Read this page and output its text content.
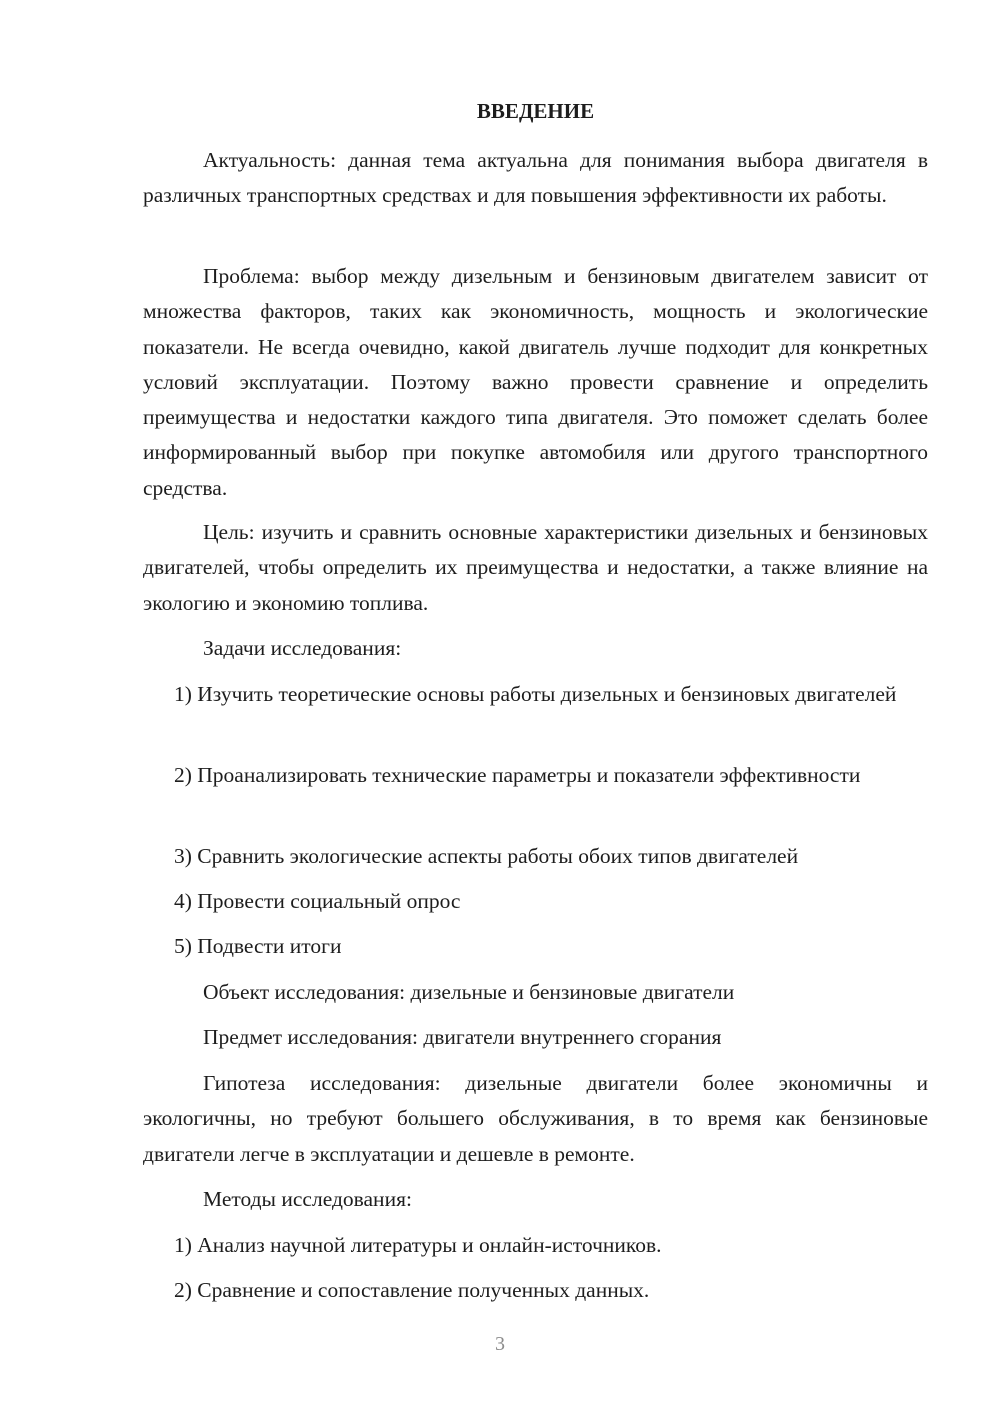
ВВЕДЕНИЕ

Актуальность: данная тема актуальна для понимания выбора двигателя в различных транспортных средствах и для повышения эффективности их работы.

Проблема: выбор между дизельным и бензиновым двигателем зависит от множества факторов, таких как экономичность, мощность и экологические показатели. Не всегда очевидно, какой двигатель лучше подходит для конкретных условий эксплуатации. Поэтому важно провести сравнение и определить преимущества и недостатки каждого типа двигателя. Это поможет сделать более информированный выбор при покупке автомобиля или другого транспортного средства.

Цель: изучить и сравнить основные характеристики дизельных и бензиновых двигателей, чтобы определить их преимущества и недостатки, а также влияние на экологию и экономию топлива.

Задачи исследования:

1) Изучить теоретические основы работы дизельных и бензиновых двигателей

2) Проанализировать технические параметры и показатели эффективности

3) Сравнить экологические аспекты работы обоих типов двигателей

4) Провести социальный опрос

5) Подвести итоги

Объект исследования: дизельные и бензиновые двигатели

Предмет исследования: двигатели внутреннего сгорания

Гипотеза исследования: дизельные двигатели более экономичны и экологичны, но требуют большего обслуживания, в то время как бензиновые двигатели легче в эксплуатации и дешевле в ремонте.

Методы исследования:

1) Анализ научной литературы и онлайн-источников.

2) Сравнение и сопоставление полученных данных.

3
